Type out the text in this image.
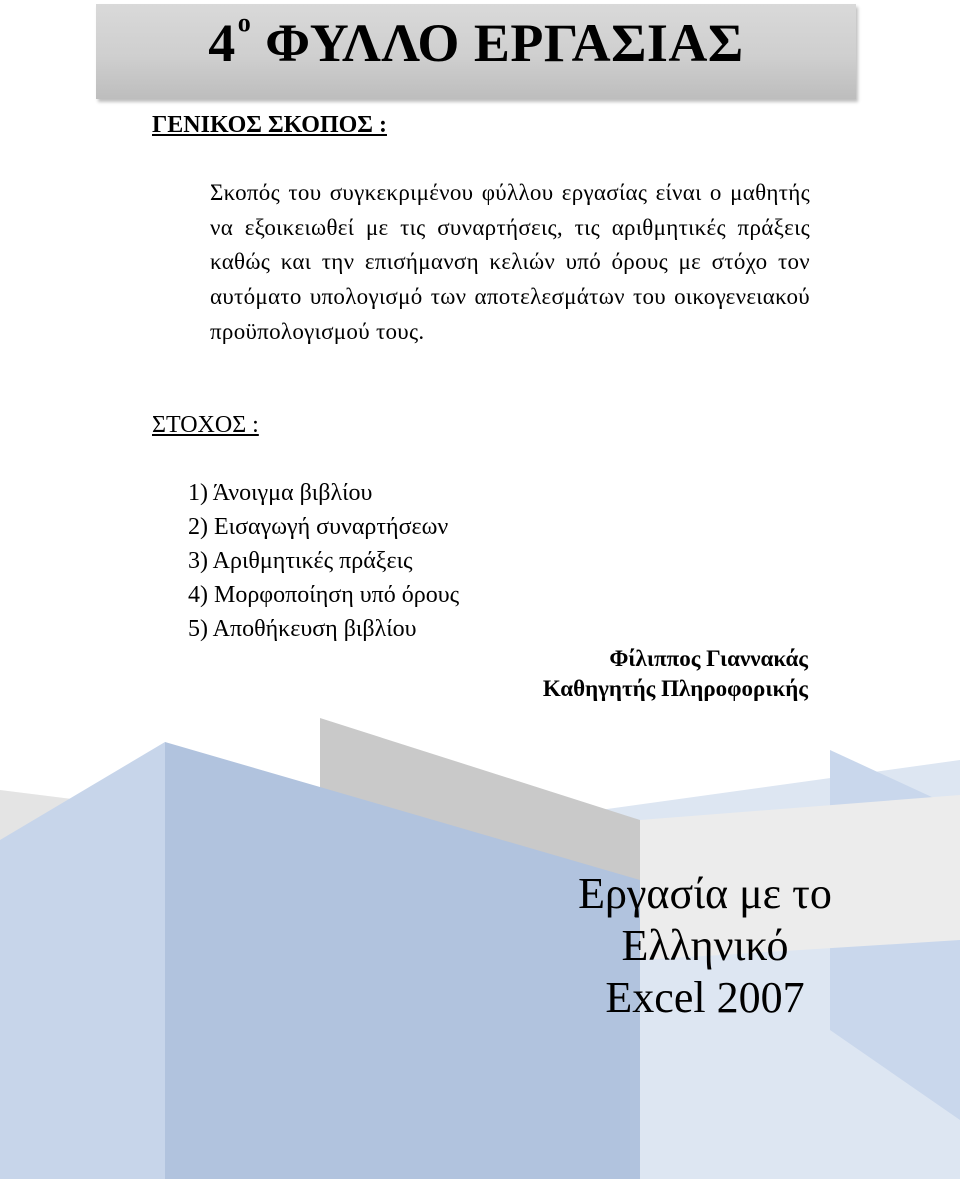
$4^o$ ΦΥΛΛΟ ΕΡΓΑΣΙΑΣ
ΓΕΝΙΚΟΣ ΣΚΟΠΟΣ :
Σκοπός του συγκεκριμένου φύλλου εργασίας είναι ο μαθητής να εξοικειωθεί με τις συναρτήσεις, τις αριθμητικές πράξεις καθώς και την επισήμανση κελιών υπό όρους με στόχο τον αυτόματο υπολογισμό των αποτελεσμάτων του οικογενειακού προϋπολογισμού τους.
ΣΤΟΧΟΣ :
1) Άνοιγμα βιβλίου
2) Εισαγωγή συναρτήσεων
3) Αριθμητικές πράξεις
4) Μορφοποίηση υπό όρους
5) Αποθήκευση βιβλίου
Φίλιππος Γιαννακάς
Καθηγητής Πληροφορικής
Εργασία με το
Ελληνικό
Excel 2007
